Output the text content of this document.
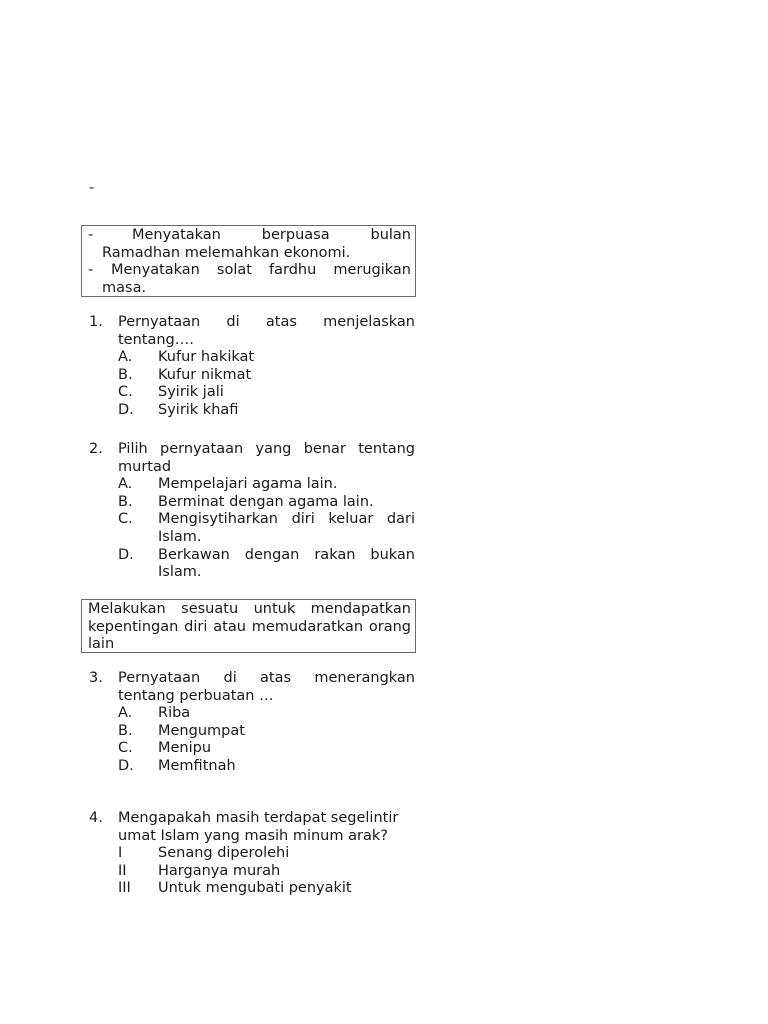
-
-	Menyatakan berpuasa bulan Ramadhan melemahkan ekonomi.
-	Menyatakan solat fardhu merugikan masa.
1.	Pernyataan di atas menjelaskan tentang….
A.	Kufur hakikat
B.	Kufur nikmat
C.	Syirik jali
D.	Syirik khafi
2.	Pilih pernyataan yang benar tentang murtad
A.	Mempelajari agama lain.
B.	Berminat dengan agama lain.
C.	Mengisytiharkan diri keluar dari Islam.
D.	Berkawan dengan rakan bukan Islam.
Melakukan sesuatu untuk mendapatkan kepentingan diri atau memudaratkan orang lain
3.	Pernyataan di atas menerangkan tentang perbuatan …
A.	Riba
B.	Mengumpat
C.	Menipu
D.	Memfitnah
4.	Mengapakah masih terdapat segelintir umat Islam yang masih minum arak?
I	Senang diperolehi
II	Harganya murah
III	Untuk mengubati penyakit
